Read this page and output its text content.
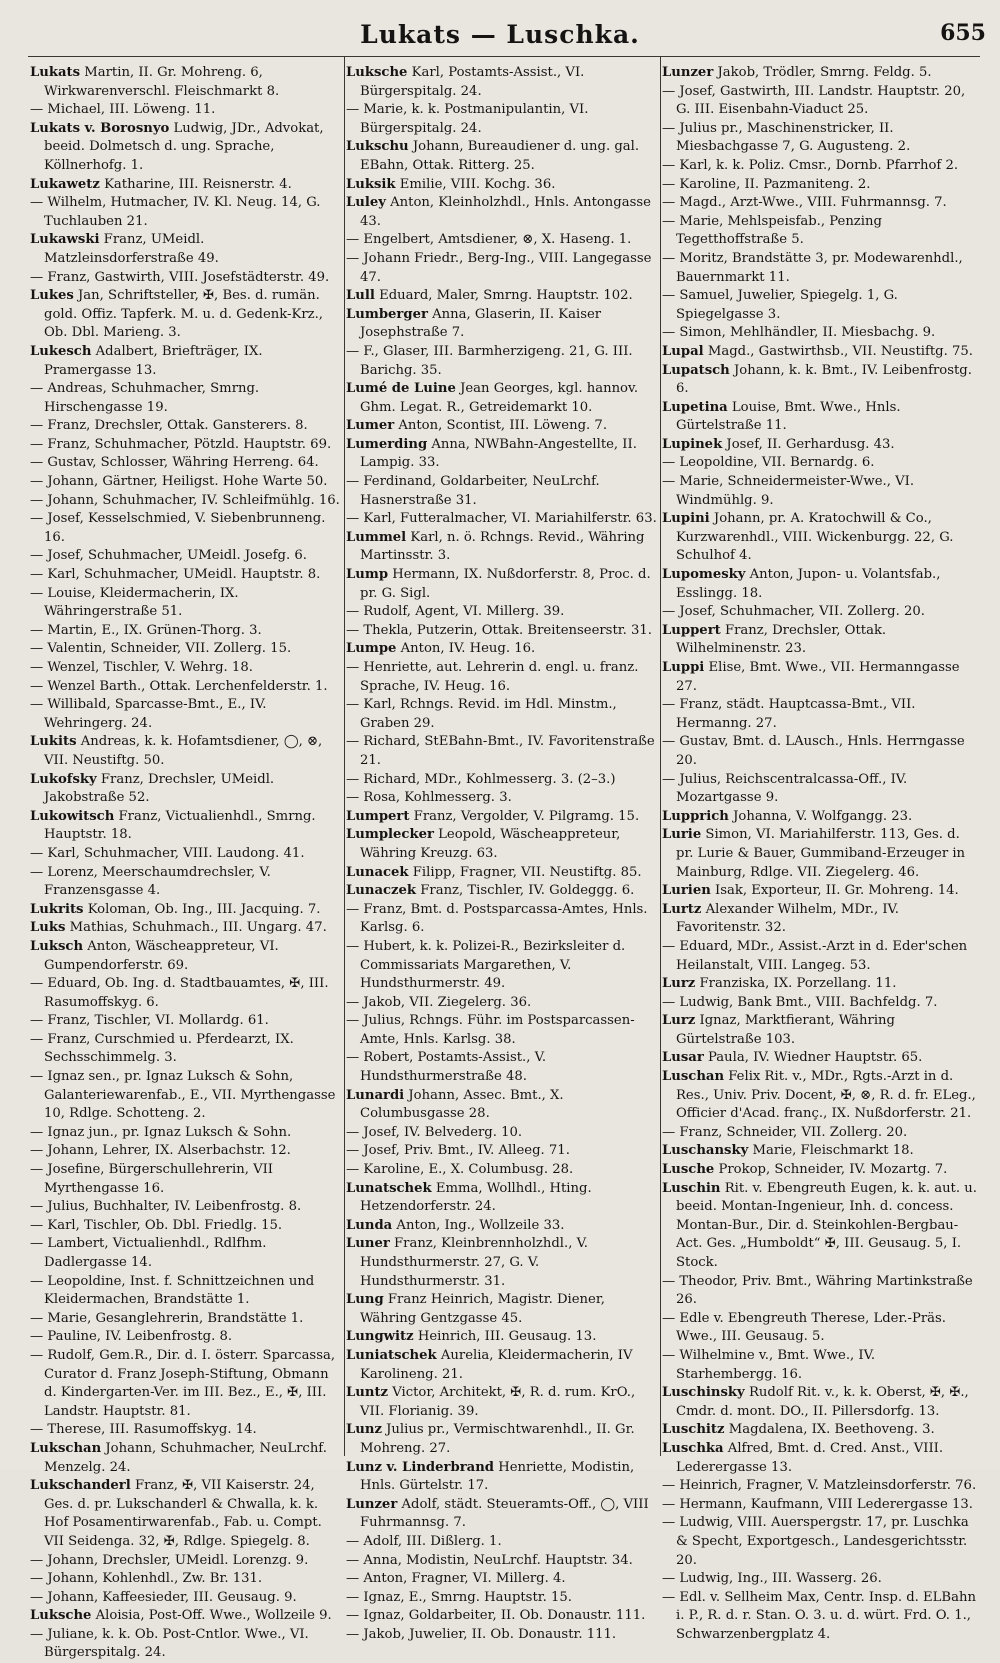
Lukats — Luschka.	655

Lukats Martin, II. Gr. Mohreng. 6, Wirkwarenverschl. Fleischmarkt 8.

— Michael, III. Löweng. 11.

Lukats v. Borosnyo Ludwig, JDr., Advokat, beeid. Dolmetsch d. ung. Sprache, Köllnerhofg. 1.

Lukawetz Katharine, III. Reisnerstr. 4.

— Wilhelm, Hutmacher, IV. Kl. Neug. 14, G. Tuchlauben 21.

Lukawski Franz, UMeidl. Matzleinsdorferstraße 49.

— Franz, Gastwirth, VIII. Josefstädterstr. 49.

Lukes Jan, Schriftsteller, ✠, Bes. d. rumän. gold. Offiz. Tapferk. M. u. d. Gedenk-Krz., Ob. Dbl. Marieng. 3.

Lukesch Adalbert, Briefträger, IX. Pramergasse 13.

— Andreas, Schuhmacher, Smrng. Hirschengasse 19.

— Franz, Drechsler, Ottak. Gansterers. 8.

— Franz, Schuhmacher, Pötzld. Hauptstr. 69.

— Gustav, Schlosser, Währing Herreng. 64.

— Johann, Gärtner, Heiligst. Hohe Warte 50.

— Johann, Schuhmacher, IV. Schleifmühlg. 16.

— Josef, Kesselschmied, V. Siebenbrunneng. 16.

— Josef, Schuhmacher, UMeidl. Josefg. 6.

— Karl, Schuhmacher, UMeidl. Hauptstr. 8.

— Louise, Kleidermacherin, IX. Währingerstraße 51.

— Martin, E., IX. Grünen-Thorg. 3.

— Valentin, Schneider, VII. Zollerg. 15.

— Wenzel, Tischler, V. Wehrg. 18.

— Wenzel Barth., Ottak. Lerchenfelderstr. 1.

— Willibald, Sparcasse-Bmt., E., IV. Wehringerg. 24.

Lukits Andreas, k. k. Hofamtsdiener, ◯, ⊗, VII. Neustiftg. 50.

Lukofsky Franz, Drechsler, UMeidl. Jakobstraße 52.

Lukowitsch Franz, Victualienhdl., Smrng. Hauptstr. 18.

— Karl, Schuhmacher, VIII. Laudong. 41.

— Lorenz, Meerschaumdrechsler, V. Franzensgasse 4.

Lukrits Koloman, Ob. Ing., III. Jacquing. 7.

Luks Mathias, Schuhmach., III. Ungarg. 47.

Luksch Anton, Wäscheappreteur, VI. Gumpendorferstr. 69.

— Eduard, Ob. Ing. d. Stadtbauamtes, ✠, III. Rasumoffskyg. 6.

— Franz, Tischler, VI. Mollardg. 61.

— Franz, Curschmied u. Pferdearzt, IX. Sechsschimmelg. 3.

— Ignaz sen., pr. Ignaz Luksch & Sohn, Galanteriewarenfab., E., VII. Myrthengasse 10, Rdlge. Schotteng. 2.

— Ignaz jun., pr. Ignaz Luksch & Sohn.

— Johann, Lehrer, IX. Alserbachstr. 12.

— Josefine, Bürgerschullehrerin, VII Myrthengasse 16.

— Julius, Buchhalter, IV. Leibenfrostg. 8.

— Karl, Tischler, Ob. Dbl. Friedlg. 15.

— Lambert, Victualienhdl., Rdlfhm. Dadlergasse 14.

— Leopoldine, Inst. f. Schnittzeichnen und Kleidermachen, Brandstätte 1.

— Marie, Gesanglehrerin, Brandstätte 1.

— Pauline, IV. Leibenfrostg. 8.

— Rudolf, Gem.R., Dir. d. I. österr. Sparcassa, Curator d. Franz Joseph-Stiftung, Obmann d. Kindergarten-Ver. im III. Bez., E., ✠, III. Landstr. Hauptstr. 81.

— Therese, III. Rasumoffskyg. 14.

Lukschan Johann, Schuhmacher, NeuLrchf. Menzelg. 24.

Lukschanderl Franz, ✠, VII Kaiserstr. 24, Ges. d. pr. Lukschanderl & Chwalla, k. k. Hof Posamentirwarenfab., Fab. u. Compt. VII Seidenga. 32, ✠, Rdlge. Spiegelg. 8.

— Johann, Drechsler, UMeidl. Lorenzg. 9.

— Johann, Kohlenhdl., Zw. Br. 131.

— Johann, Kaffeesieder, III. Geusaug. 9.

Luksche Aloisia, Post-Off. Wwe., Wollzeile 9.

— Juliane, k. k. Ob. Post-Cntlor. Wwe., VI. Bürgerspitalg. 24.

Luksche Karl, Postamts-Assist., VI. Bürgerspitalg. 24.

— Marie, k. k. Postmanipulantin, VI. Bürgerspitalg. 24.

Lukschu Johann, Bureaudiener d. ung. gal. EBahn, Ottak. Ritterg. 25.

Luksik Emilie, VIII. Kochg. 36.

Luley Anton, Kleinholzhdl., Hnls. Antongasse 43.

— Engelbert, Amtsdiener, ⊗, X. Haseng. 1.

— Johann Friedr., Berg-Ing., VIII. Langegasse 47.

Lull Eduard, Maler, Smrng. Hauptstr. 102.

Lumberger Anna, Glaserin, II. Kaiser Josephstraße 7.

— F., Glaser, III. Barmherzigeng. 21, G. III. Barichg. 35.

Lumé de Luine Jean Georges, kgl. hannov. Ghm. Legat. R., Getreidemarkt 10.

Lumer Anton, Scontist, III. Löweng. 7.

Lumerding Anna, NWBahn-Angestellte, II. Lampig. 33.

— Ferdinand, Goldarbeiter, NeuLrchf. Hasnerstraße 31.

— Karl, Futteralmacher, VI. Mariahilferstr. 63.

Lummel Karl, n. ö. Rchngs. Revid., Währing Martinsstr. 3.

Lump Hermann, IX. Nußdorferstr. 8, Proc. d. pr. G. Sigl.

— Rudolf, Agent, VI. Millerg. 39.

— Thekla, Putzerin, Ottak. Breitenseerstr. 31.

Lumpe Anton, IV. Heug. 16.

— Henriette, aut. Lehrerin d. engl. u. franz. Sprache, IV. Heug. 16.

— Karl, Rchngs. Revid. im Hdl. Minstm., Graben 29.

— Richard, StEBahn-Bmt., IV. Favoritenstraße 21.

— Richard, MDr., Kohlmesserg. 3. (2–3.)

— Rosa, Kohlmesserg. 3.

Lumpert Franz, Vergolder, V. Pilgramg. 15.

Lumplecker Leopold, Wäscheappreteur, Währing Kreuzg. 63.

Lunacek Filipp, Fragner, VII. Neustiftg. 85.

Lunaczek Franz, Tischler, IV. Goldeggg. 6.

— Franz, Bmt. d. Postsparcassa-Amtes, Hnls. Karlsg. 6.

— Hubert, k. k. Polizei-R., Bezirksleiter d. Commissariats Margarethen, V. Hundsthurmerstr. 49.

— Jakob, VII. Ziegelerg. 36.

— Julius, Rchngs. Führ. im Postsparcassen-Amte, Hnls. Karlsg. 38.

— Robert, Postamts-Assist., V. Hundsthurmerstraße 48.

Lunardi Johann, Assec. Bmt., X. Columbusgasse 28.

— Josef, IV. Belvederg. 10.

— Josef, Priv. Bmt., IV. Alleeg. 71.

— Karoline, E., X. Columbusg. 28.

Lunatschek Emma, Wollhdl., Hting. Hetzendorferstr. 24.

Lunda Anton, Ing., Wollzeile 33.

Luner Franz, Kleinbrennholzhdl., V. Hundsthurmerstr. 27, G. V. Hundsthurmerstr. 31.

Lung Franz Heinrich, Magistr. Diener, Währing Gentzgasse 45.

Lungwitz Heinrich, III. Geusaug. 13.

Luniatschek Aurelia, Kleidermacherin, IV Karolineng. 21.

Luntz Victor, Architekt, ✠, R. d. rum. KrO., VII. Florianig. 39.

Lunz Julius pr., Vermischtwarenhdl., II. Gr. Mohreng. 27.

Lunz v. Linderbrand Henriette, Modistin, Hnls. Gürtelstr. 17.

Lunzer Adolf, städt. Steueramts-Off., ◯, VIII Fuhrmannsg. 7.

— Adolf, III. Dißlerg. 1.

— Anna, Modistin, NeuLrchf. Hauptstr. 34.

— Anton, Fragner, VI. Millerg. 4.

— Ignaz, E., Smrng. Hauptstr. 15.

— Ignaz, Goldarbeiter, II. Ob. Donaustr. 111.

— Jakob, Juwelier, II. Ob. Donaustr. 111.

Lunzer Jakob, Trödler, Smrng. Feldg. 5.

— Josef, Gastwirth, III. Landstr. Hauptstr. 20, G. III. Eisenbahn-Viaduct 25.

— Julius pr., Maschinenstricker, II. Miesbachgasse 7, G. Augusteng. 2.

— Karl, k. k. Poliz. Cmsr., Dornb. Pfarrhof 2.

— Karoline, II. Pazmaniteng. 2.

— Magd., Arzt-Wwe., VIII. Fuhrmannsg. 7.

— Marie, Mehlspeisfab., Penzing Tegetthoffstraße 5.

— Moritz, Brandstätte 3, pr. Modewarenhdl., Bauernmarkt 11.

— Samuel, Juwelier, Spiegelg. 1, G. Spiegelgasse 3.

— Simon, Mehlhändler, II. Miesbachg. 9.

Lupal Magd., Gastwirthsb., VII. Neustiftg. 75.

Lupatsch Johann, k. k. Bmt., IV. Leibenfrostg. 6.

Lupetina Louise, Bmt. Wwe., Hnls. Gürtelstraße 11.

Lupinek Josef, II. Gerhardusg. 43.

— Leopoldine, VII. Bernardg. 6.

— Marie, Schneidermeister-Wwe., VI. Windmühlg. 9.

Lupini Johann, pr. A. Kratochwill & Co., Kurzwarenhdl., VIII. Wickenburgg. 22, G. Schulhof 4.

Lupomesky Anton, Jupon- u. Volantsfab., Esslingg. 18.

— Josef, Schuhmacher, VII. Zollerg. 20.

Luppert Franz, Drechsler, Ottak. Wilhelminenstr. 23.

Luppi Elise, Bmt. Wwe., VII. Hermanngasse 27.

— Franz, städt. Hauptcassa-Bmt., VII. Hermanng. 27.

— Gustav, Bmt. d. LAusch., Hnls. Herrngasse 20.

— Julius, Reichscentralcassa-Off., IV. Mozartgasse 9.

Lupprich Johanna, V. Wolfgangg. 23.

Lurie Simon, VI. Mariahilferstr. 113, Ges. d. pr. Lurie & Bauer, Gummiband-Erzeuger in Mainburg, Rdlge. VII. Ziegelerg. 46.

Lurien Isak, Exporteur, II. Gr. Mohreng. 14.

Lurtz Alexander Wilhelm, MDr., IV. Favoritenstr. 32.

— Eduard, MDr., Assist.-Arzt in d. Eder'schen Heilanstalt, VIII. Langeg. 53.

Lurz Franziska, IX. Porzellang. 11.

— Ludwig, Bank Bmt., VIII. Bachfeldg. 7.

Lurz Ignaz, Marktfierant, Währing Gürtelstraße 103.

Lusar Paula, IV. Wiedner Hauptstr. 65.

Luschan Felix Rit. v., MDr., Rgts.-Arzt in d. Res., Univ. Priv. Docent, ✠, ⊗, R. d. fr. ELeg., Officier d'Acad. franç., IX. Nußdorferstr. 21.

— Franz, Schneider, VII. Zollerg. 20.

Luschansky Marie, Fleischmarkt 18.

Lusche Prokop, Schneider, IV. Mozartg. 7.

Luschin Rit. v. Ebengreuth Eugen, k. k. aut. u. beeid. Montan-Ingenieur, Inh. d. concess. Montan-Bur., Dir. d. Steinkohlen-Bergbau-Act. Ges. „Humboldt“ ✠, III. Geusaug. 5, I. Stock.

— Theodor, Priv. Bmt., Währing Martinkstraße 26.

— Edle v. Ebengreuth Therese, Lder.-Präs. Wwe., III. Geusaug. 5.

— Wilhelmine v., Bmt. Wwe., IV. Starhembergg. 16.

Luschinsky Rudolf Rit. v., k. k. Oberst, ✠, ✠., Cmdr. d. mont. DO., II. Pillersdorfg. 13.

Luschitz Magdalena, IX. Beethoveng. 3.

Luschka Alfred, Bmt. d. Cred. Anst., VIII. Lederergasse 13.

— Heinrich, Fragner, V. Matzleinsdorferstr. 76.

— Hermann, Kaufmann, VIII Lederergasse 13.

— Ludwig, VIII. Auerspergstr. 17, pr. Luschka & Specht, Exportgesch., Landesgerichtsstr. 20.

— Ludwig, Ing., III. Wasserg. 26.

— Edl. v. Sellheim Max, Centr. Insp. d. ELBahn i. P., R. d. r. Stan. O. 3. u. d. würt. Frd. O. 1., Schwarzenbergplatz 4.
